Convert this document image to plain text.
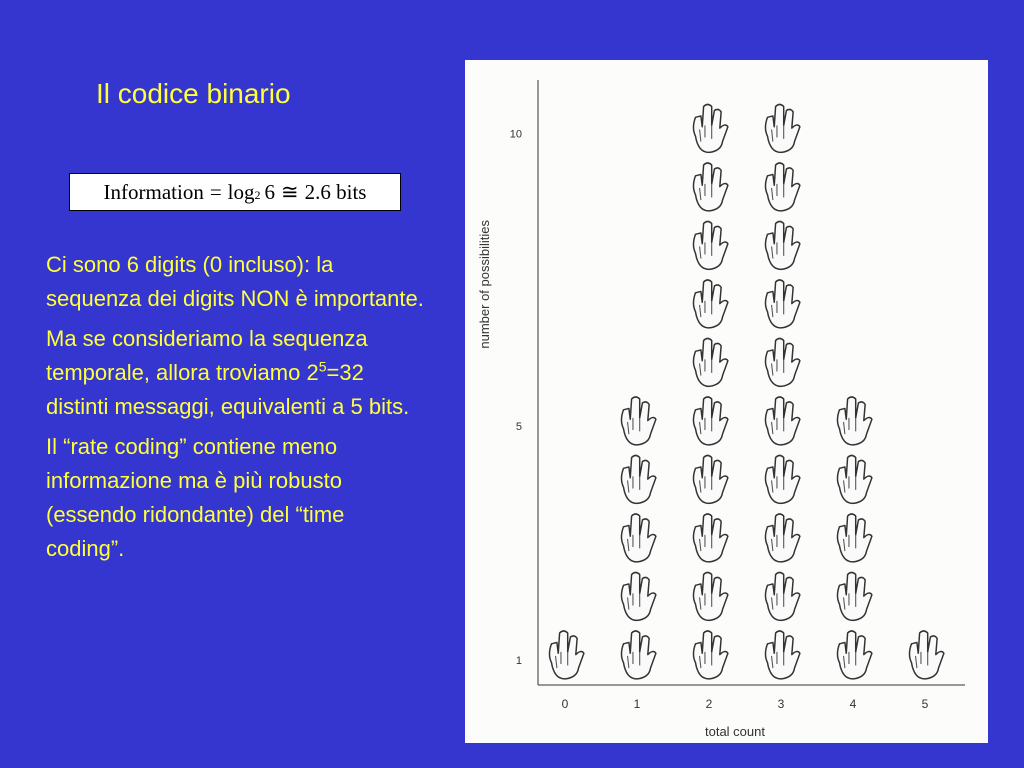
Il codice binario
Information = $\log_2 6$ ≅ 2.6 bits

Ci sono 6 digits (0 incluso): la sequenza dei digits NON è importante.

Ma se consideriamo la sequenza temporale, allora troviamo $2^5=32$ distinti messaggi, equivalenti a 5 bits.

Il “rate coding” contiene meno informazione ma è più robusto (essendo ridondante) del “time coding”.

number of possibilities
total count
1
5
10
0	1	2	3	4	5
